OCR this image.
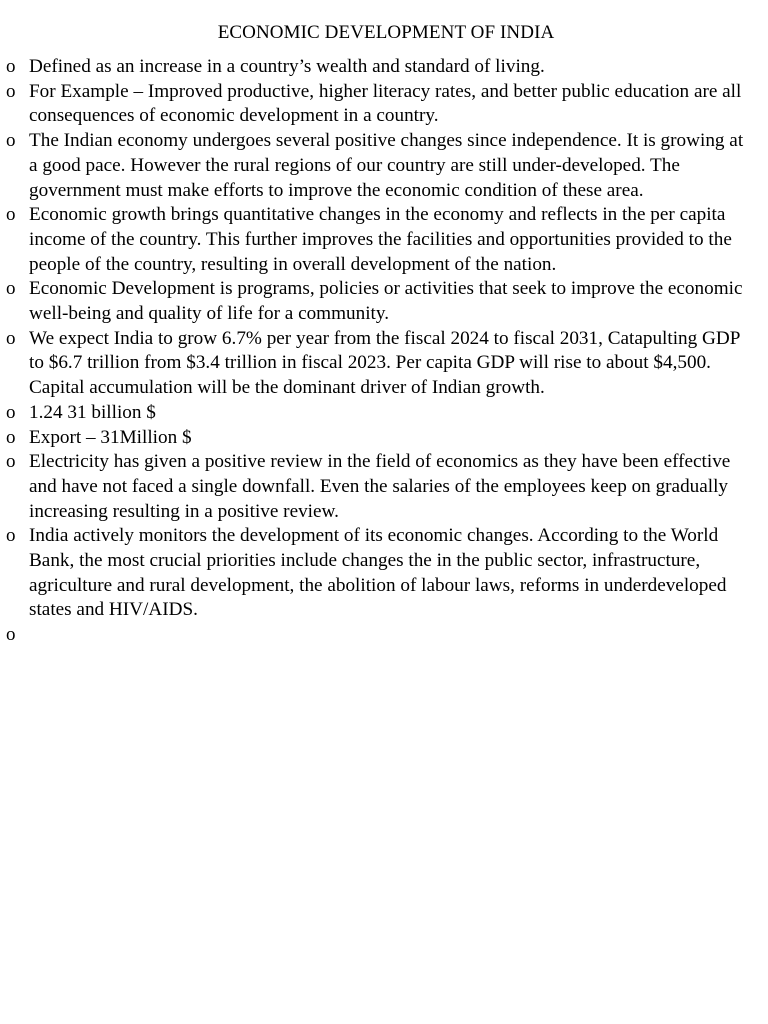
ECONOMIC DEVELOPMENT OF INDIA
o Defined as an increase in a country’s wealth and standard of living.
o For Example – Improved productive, higher literacy rates, and better public education are all consequences of economic development in a country.
o The Indian economy undergoes several positive changes since independence. It is growing at a good pace. However the rural regions of our country are still under-developed. The government must make efforts to improve the economic condition of these area.
o Economic growth brings quantitative changes in the economy and reflects in the per capita income of the country. This further improves the facilities and opportunities provided to the people of the country, resulting in overall development of the nation.
o Economic Development is programs, policies or activities that seek to improve the economic well-being and quality of life for a community.
o We expect India to grow 6.7% per year from the fiscal 2024 to fiscal 2031, Catapulting GDP to $6.7 trillion from $3.4 trillion in fiscal 2023. Per capita GDP will rise to about $4,500. Capital accumulation will be the dominant driver of Indian growth.
o 1.24 31 billion $
o Export – 31Million $
o Electricity has given a positive review in the field of economics as they have been effective and have not faced a single downfall. Even the salaries of the employees keep on gradually increasing resulting in a positive review.
o India actively monitors the development of its economic changes. According to the World Bank, the most crucial priorities include changes the in the public sector, infrastructure, agriculture and rural development, the abolition of labour laws, reforms in underdeveloped states and HIV/AIDS.
o
